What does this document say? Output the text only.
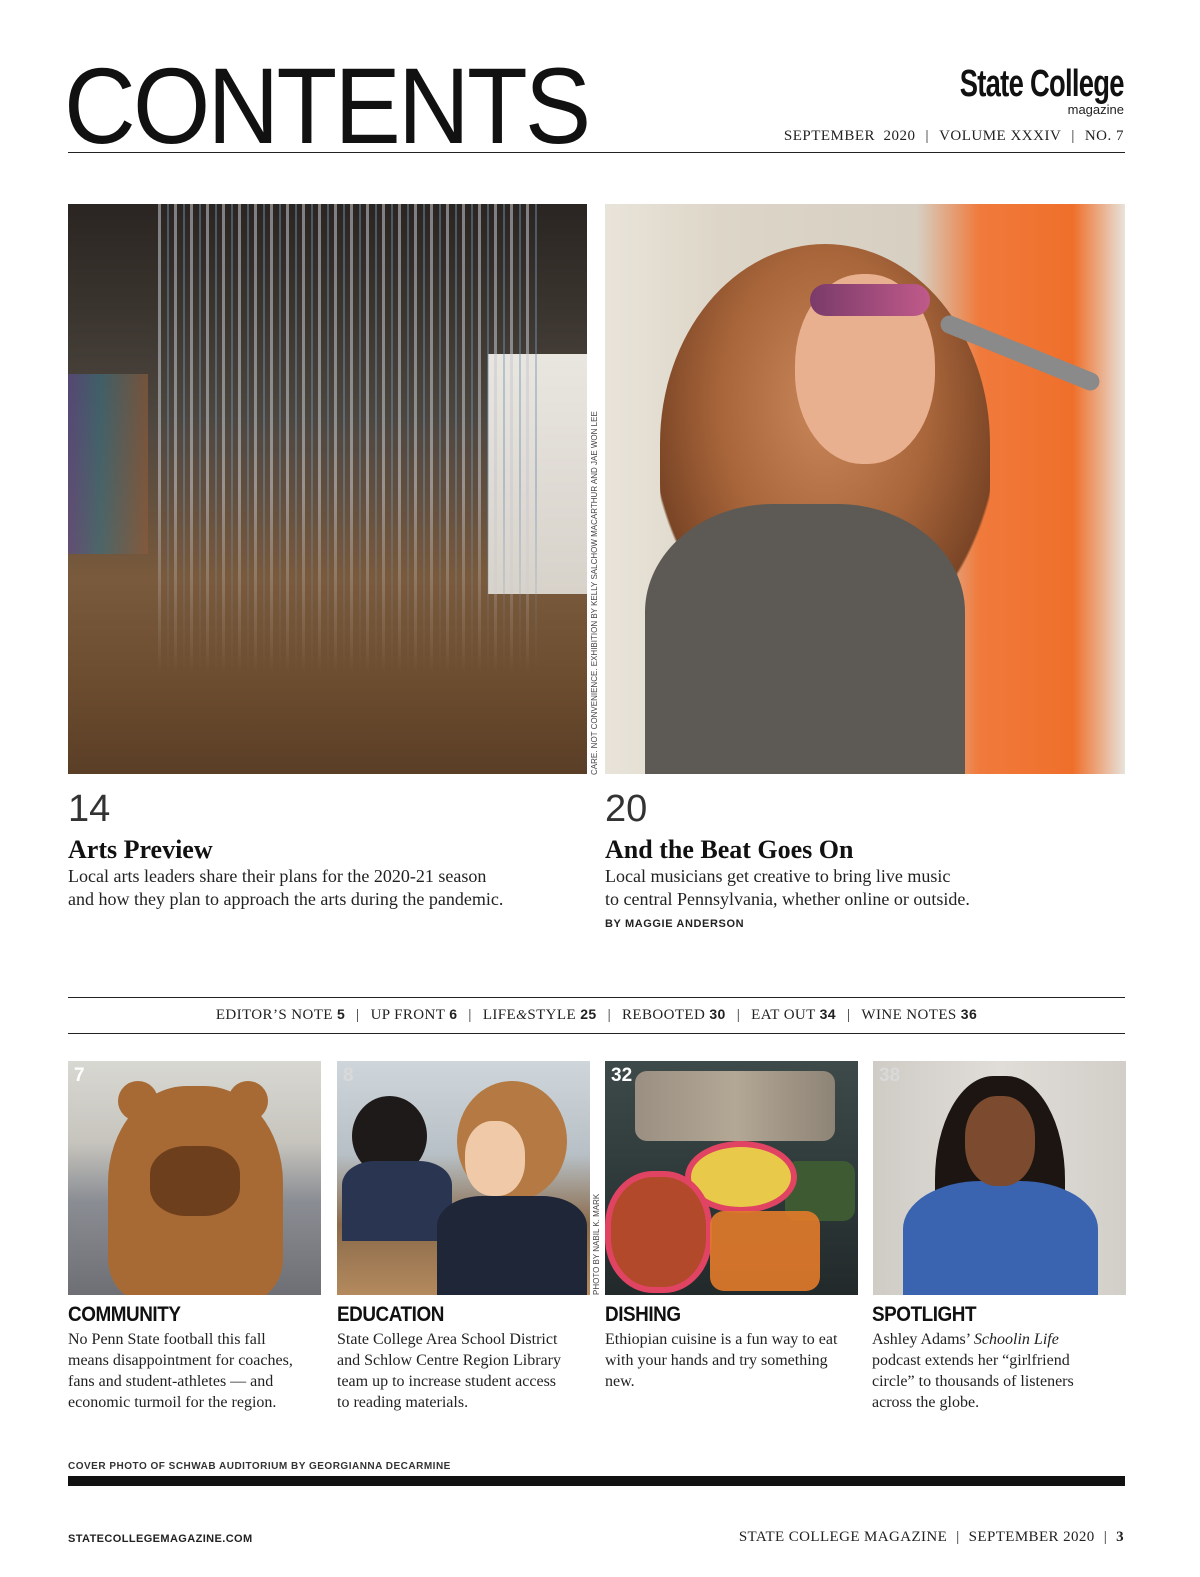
CONTENTS	State College
magazine
SEPTEMBER  2020 | VOLUME XXXIV | NO. 7
CARE. NOT CONVENIENCE. EXHIBITION BY KELLY SALCHOW MACARTHUR AND JAE WON LEE
14
Arts Preview
Local arts leaders share their plans for the 2020-21 season
and how they plan to approach the arts during the pandemic.
20
And the Beat Goes On
Local musicians get creative to bring live music
to central Pennsylvania, whether online or outside.
BY MAGGIE ANDERSON
EDITOR’S NOTE 5 | UP FRONT 6 | LIFE&STYLE 25 | REBOOTED 30 | EAT OUT 34 | WINE NOTES 36
7	8
PHOTO BY NABIL K. MARK
32	38
COMMUNITY
No Penn State football this fall
means disappointment for coaches,
fans and student-athletes — and
economic turmoil for the region.
EDUCATION
State College Area School District
and Schlow Centre Region Library
team up to increase student access
to reading materials.
DISHING
Ethiopian cuisine is a fun way to eat
with your hands and try something
new.
SPOTLIGHT
Ashley Adams’ Schoolin Life
podcast extends her “girlfriend
circle” to thousands of listeners
across the globe.
COVER PHOTO OF SCHWAB AUDITORIUM BY GEORGIANNA DECARMINE
STATECOLLEGEMAGAZINE.COM	STATE COLLEGE MAGAZINE | SEPTEMBER 2020 | 3
